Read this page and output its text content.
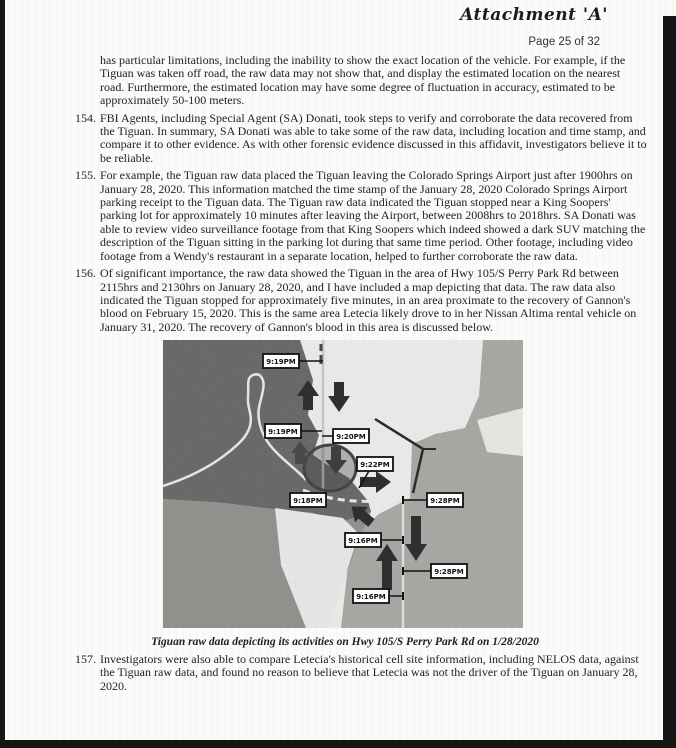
Attachment 'A'
Page 25 of 32
has particular limitations, including the inability to show the exact location of the vehicle. For example, if the Tiguan was taken off road, the raw data may not show that, and display the estimated location on the nearest road. Furthermore, the estimated location may have some degree of fluctuation in accuracy, estimated to be approximately 50-100 meters.
154. FBI Agents, including Special Agent (SA) Donati, took steps to verify and corroborate the data recovered from the Tiguan. In summary, SA Donati was able to take some of the raw data, including location and time stamp, and compare it to other evidence. As with other forensic evidence discussed in this affidavit, investigators believe it to be reliable.
155. For example, the Tiguan raw data placed the Tiguan leaving the Colorado Springs Airport just after 1900hrs on January 28, 2020. This information matched the time stamp of the January 28, 2020 Colorado Springs Airport parking receipt to the Tiguan data. The Tiguan raw data indicated the Tiguan stopped near a King Soopers' parking lot for approximately 10 minutes after leaving the Airport, between 2008hrs to 2018hrs. SA Donati was able to review video surveillance footage from that King Soopers which indeed showed a dark SUV matching the description of the Tiguan sitting in the parking lot during that same time period. Other footage, including video footage from a Wendy's restaurant in a separate location, helped to further corroborate the raw data.
156. Of significant importance, the raw data showed the Tiguan in the area of Hwy 105/S Perry Park Rd between 2115hrs and 2130hrs on January 28, 2020, and I have included a map depicting that data. The raw data also indicated the Tiguan stopped for approximately five minutes, in an area proximate to the recovery of Gannon's blood on February 15, 2020. This is the same area Letecia likely drove to in her Nissan Altima rental vehicle on January 31, 2020. The recovery of Gannon's blood in this area is discussed below.
9:19PM
9:19PM
9:20PM
9:22PM
9:18PM	9:28PM
9:16PM
9:28PM
9:16PM
Tiguan raw data depicting its activities on Hwy 105/S Perry Park Rd on 1/28/2020
157. Investigators were also able to compare Letecia's historical cell site information, including NELOS data, against the Tiguan raw data, and found no reason to believe that Letecia was not the driver of the Tiguan on January 28, 2020.
